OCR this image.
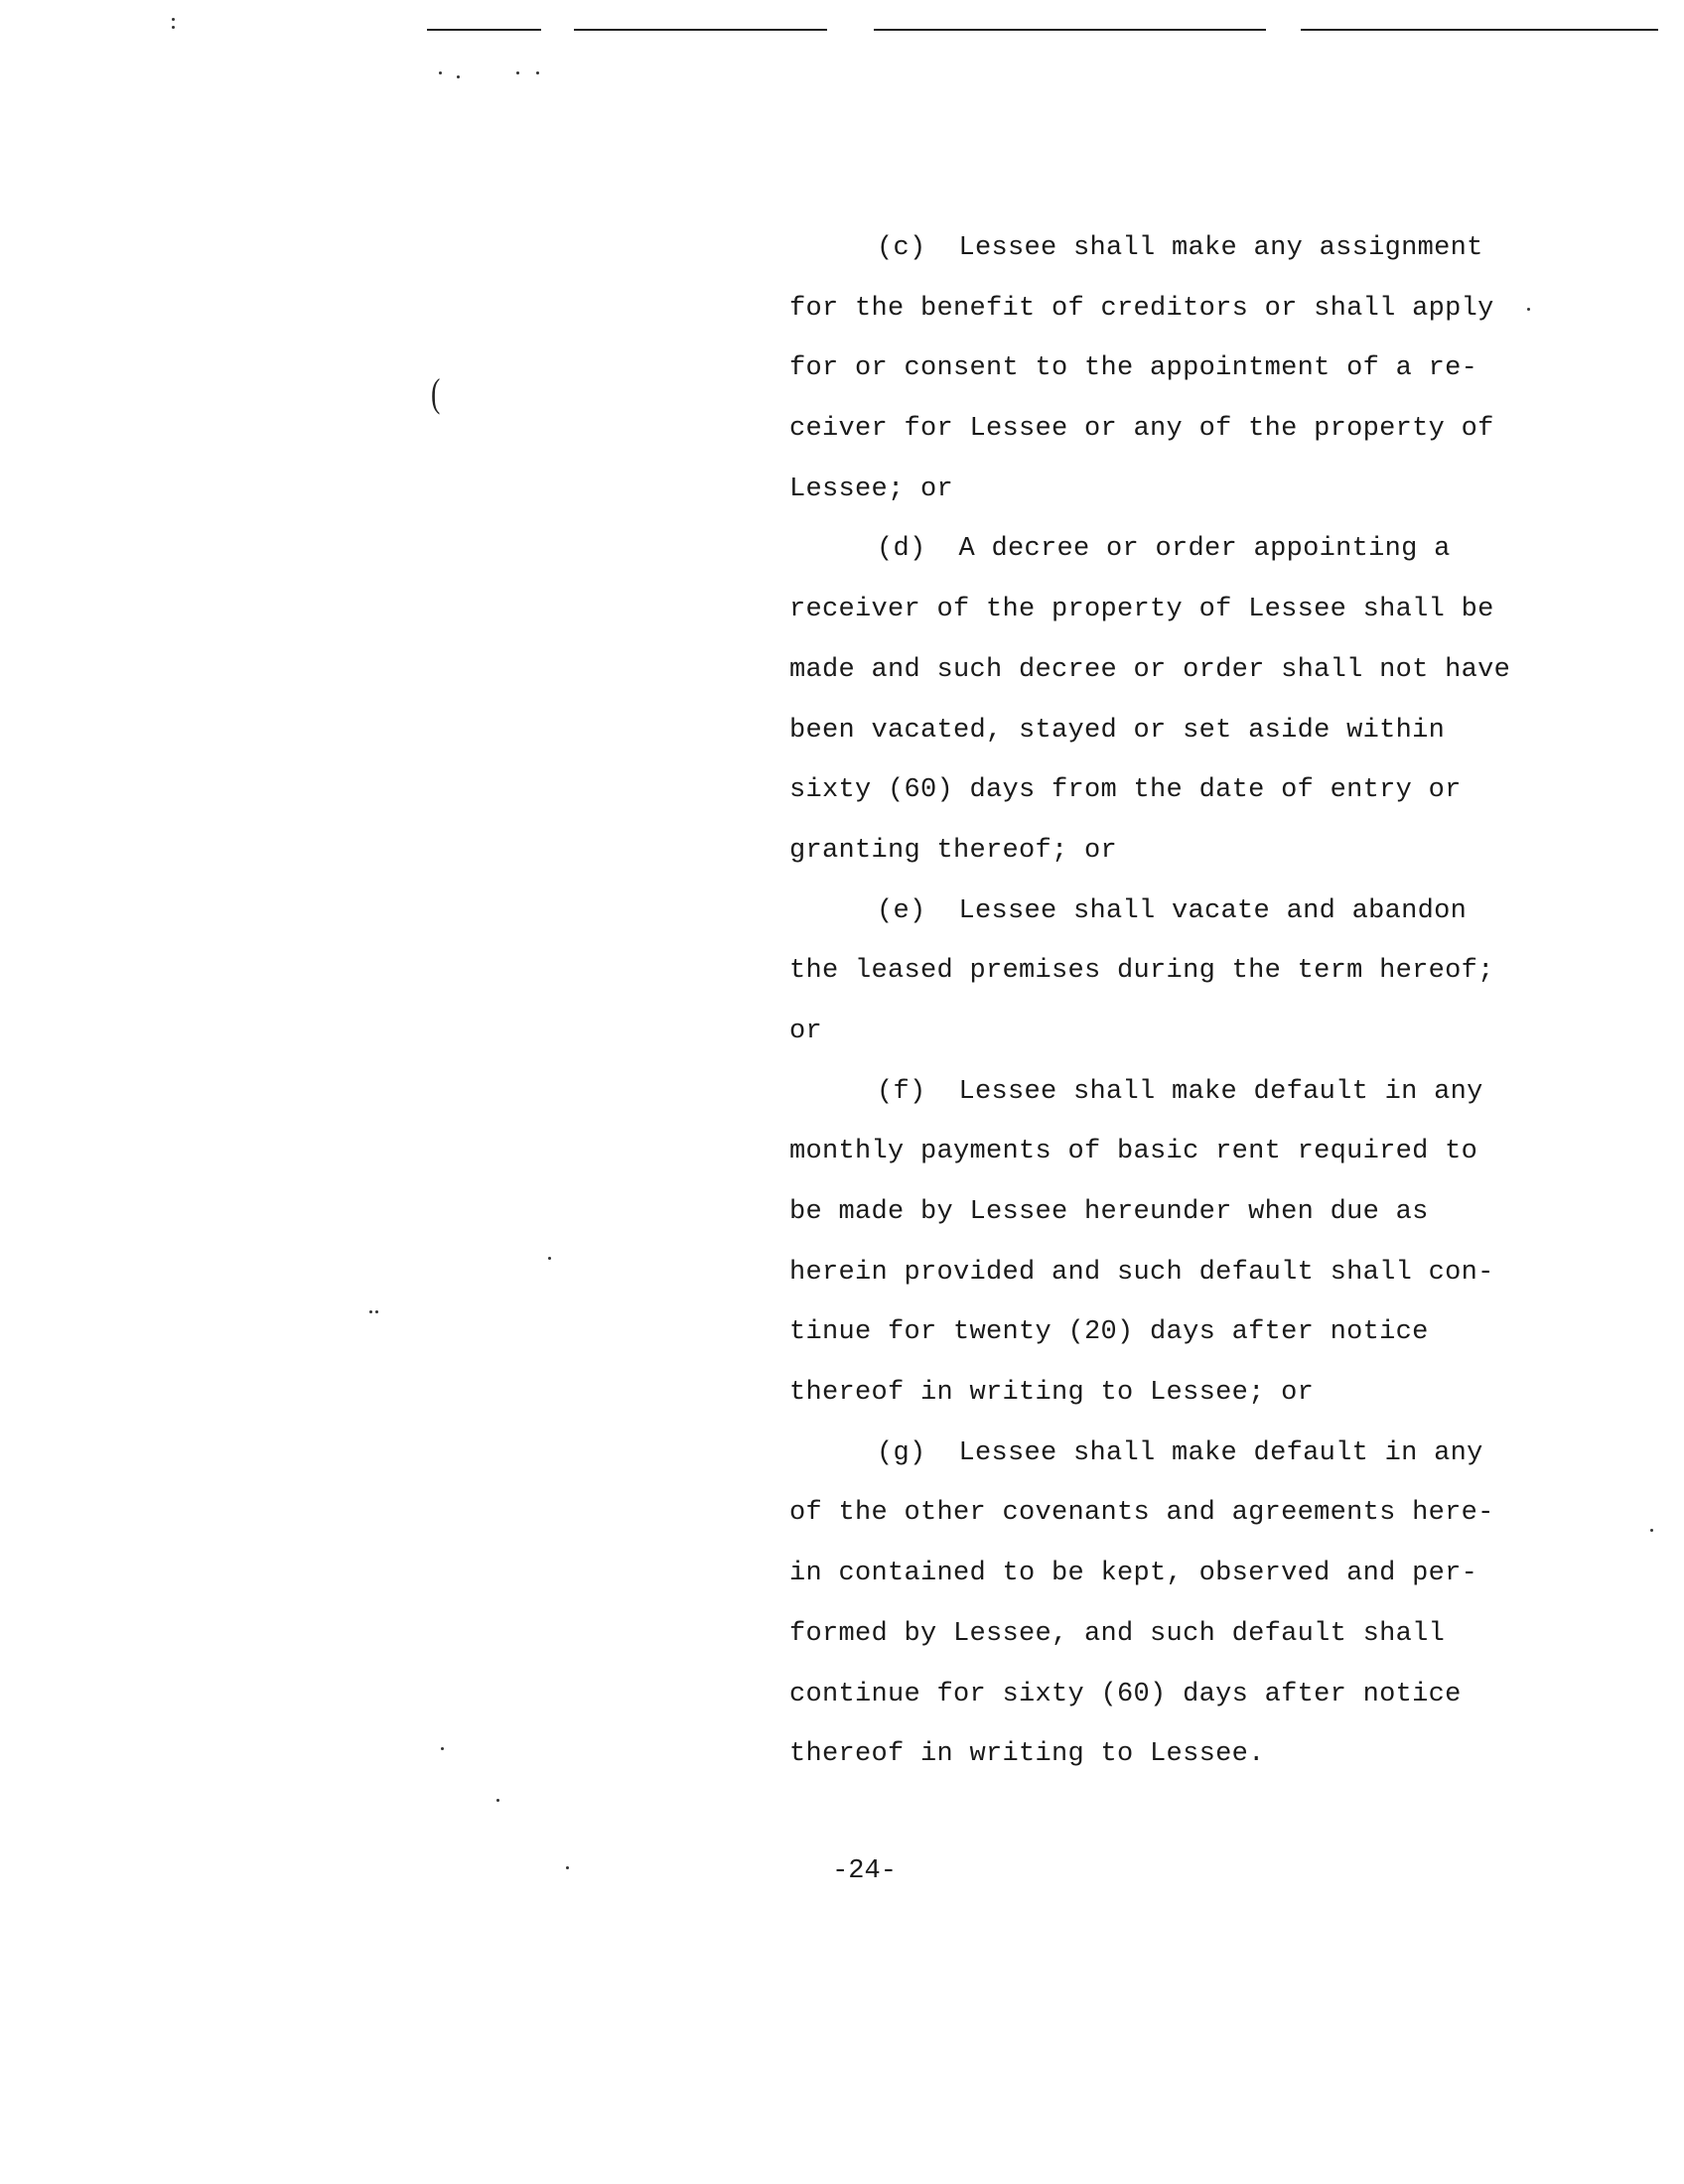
(
(c)  Lessee shall make any assignment
for the benefit of creditors or shall apply
for or consent to the appointment of a re-
ceiver for Lessee or any of the property of
Lessee; or
(d)  A decree or order appointing a
receiver of the property of Lessee shall be
made and such decree or order shall not have
been vacated, stayed or set aside within
sixty (60) days from the date of entry or
granting thereof; or
(e)  Lessee shall vacate and abandon
the leased premises during the term hereof;
or
(f)  Lessee shall make default in any
monthly payments of basic rent required to
be made by Lessee hereunder when due as
herein provided and such default shall con-
tinue for twenty (20) days after notice
thereof in writing to Lessee; or
(g)  Lessee shall make default in any
of the other covenants and agreements here-
in contained to be kept, observed and per-
formed by Lessee, and such default shall
continue for sixty (60) days after notice
thereof in writing to Lessee.
-24-
